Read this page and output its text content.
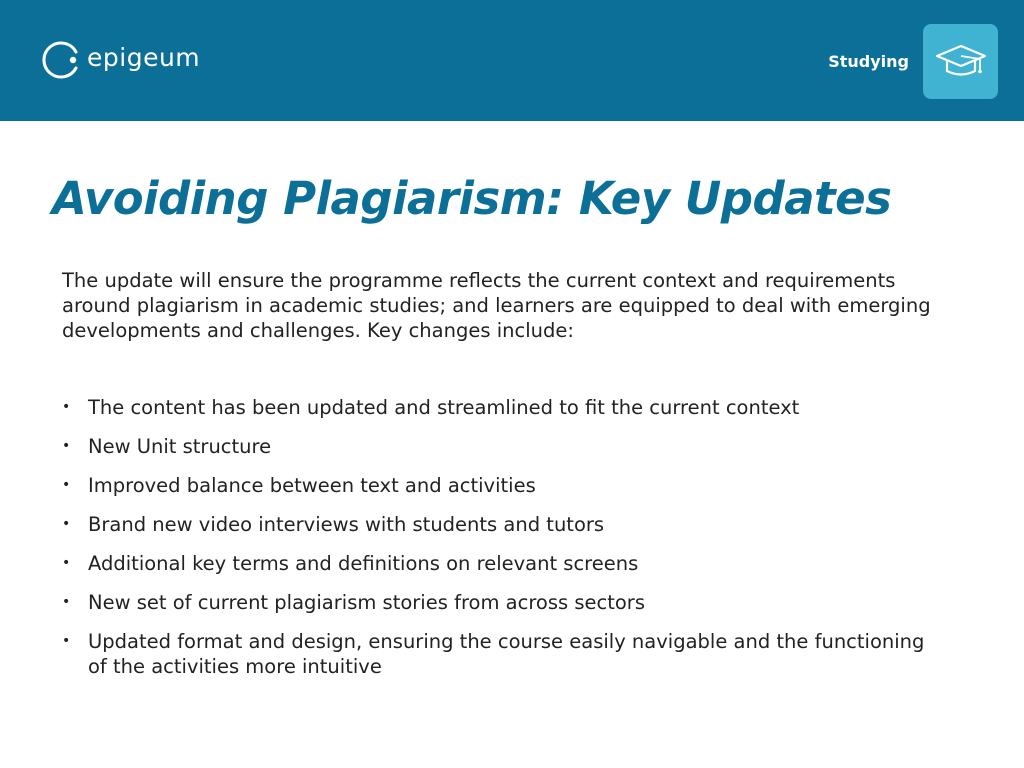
epigeum	Studying
Avoiding Plagiarism: Key Updates

The update will ensure the programme reflects the current context and requirements around plagiarism in academic studies; and learners are equipped to deal with emerging developments and challenges. Key changes include:

• The content has been updated and streamlined to fit the current context
• New Unit structure
• Improved balance between text and activities
• Brand new video interviews with students and tutors
• Additional key terms and definitions on relevant screens
• New set of current plagiarism stories from across sectors
• Updated format and design, ensuring the course easily navigable and the functioning of the activities more intuitive
